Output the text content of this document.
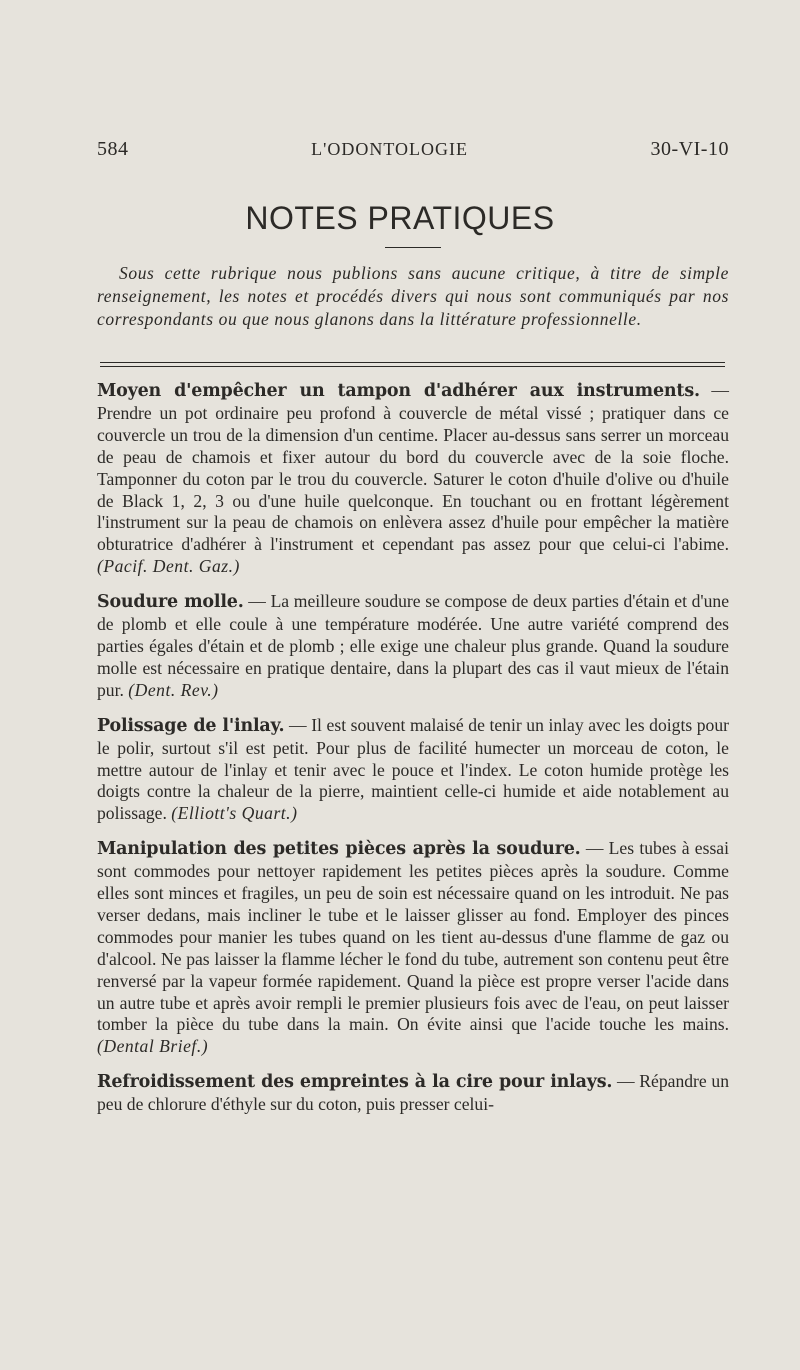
584	L'ODONTOLOGIE	30-VI-10
NOTES PRATIQUES
Sous cette rubrique nous publions sans aucune critique, à titre de simple renseignement, les notes et procédés divers qui nous sont communiqués par nos correspondants ou que nous glanons dans la littérature professionnelle.

Moyen d'empêcher un tampon d'adhérer aux instruments. — Prendre un pot ordinaire peu profond à couvercle de métal vissé ; pratiquer dans ce couvercle un trou de la dimension d'un centime. Placer au-dessus sans serrer un morceau de peau de chamois et fixer autour du bord du couvercle avec de la soie floche. Tamponner du coton par le trou du couvercle. Saturer le coton d'huile d'olive ou d'huile de Black 1, 2, 3 ou d'une huile quelconque. En touchant ou en frottant légèrement l'instrument sur la peau de chamois on enlèvera assez d'huile pour empêcher la matière obturatrice d'adhérer à l'instrument et cependant pas assez pour que celui-ci l'abime. (Pacif. Dent. Gaz.)

Soudure molle. — La meilleure soudure se compose de deux parties d'étain et d'une de plomb et elle coule à une température modérée. Une autre variété comprend des parties égales d'étain et de plomb ; elle exige une chaleur plus grande. Quand la soudure molle est nécessaire en pratique dentaire, dans la plupart des cas il vaut mieux de l'étain pur. (Dent. Rev.)

Polissage de l'inlay. — Il est souvent malaisé de tenir un inlay avec les doigts pour le polir, surtout s'il est petit. Pour plus de facilité humecter un morceau de coton, le mettre autour de l'inlay et tenir avec le pouce et l'index. Le coton humide protège les doigts contre la chaleur de la pierre, maintient celle-ci humide et aide notablement au polissage. (Elliott's Quart.)

Manipulation des petites pièces après la soudure. — Les tubes à essai sont commodes pour nettoyer rapidement les petites pièces après la soudure. Comme elles sont minces et fragiles, un peu de soin est nécessaire quand on les introduit. Ne pas verser dedans, mais incliner le tube et le laisser glisser au fond. Employer des pinces commodes pour manier les tubes quand on les tient au-dessus d'une flamme de gaz ou d'alcool. Ne pas laisser la flamme lécher le fond du tube, autrement son contenu peut être renversé par la vapeur formée rapidement. Quand la pièce est propre verser l'acide dans un autre tube et après avoir rempli le premier plusieurs fois avec de l'eau, on peut laisser tomber la pièce du tube dans la main. On évite ainsi que l'acide touche les mains. (Dental Brief.)

Refroidissement des empreintes à la cire pour inlays. — Répandre un peu de chlorure d'éthyle sur du coton, puis presser celui-
